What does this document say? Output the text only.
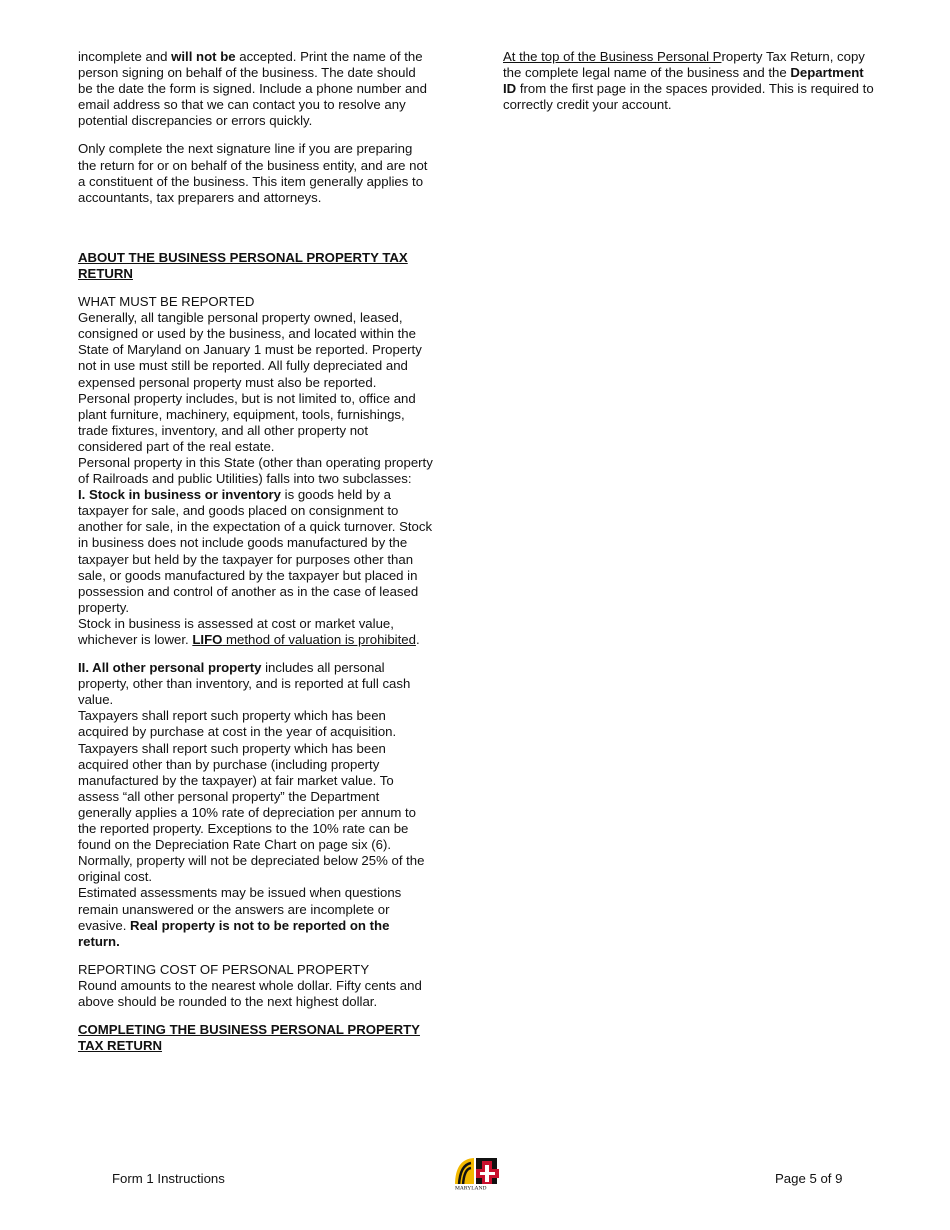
incomplete and will not be accepted. Print the name of the person signing on behalf of the business. The date should be the date the form is signed. Include a phone number and email address so that we can contact you to resolve any potential discrepancies or errors quickly.

Only complete the next signature line if you are preparing the return for or on behalf of the business entity, and are not a constituent of the business. This item generally applies to accountants, tax preparers and attorneys.

ABOUT THE BUSINESS PERSONAL PROPERTY TAX RETURN

WHAT MUST BE REPORTED

Generally, all tangible personal property owned, leased, consigned or used by the business, and located within the State of Maryland on January 1 must be reported. Property not in use must still be reported. All fully depreciated and expensed personal property must also be reported.

Personal property includes, but is not limited to, office and plant furniture, machinery, equipment, tools, furnishings, trade fixtures, inventory, and all other property not considered part of the real estate.

Personal property in this State (other than operating property of Railroads and public Utilities) falls into two subclasses:

I. Stock in business or inventory is goods held by a taxpayer for sale, and goods placed on consignment to another for sale, in the expectation of a quick turnover. Stock in business does not include goods manufactured by the taxpayer but held by the taxpayer for purposes other than sale, or goods manufactured by the taxpayer but placed in possession and control of another as in the case of leased property.

Stock in business is assessed at cost or market value, whichever is lower. LIFO method of valuation is prohibited.

II. All other personal property includes all personal property, other than inventory, and is reported at full cash value.

Taxpayers shall report such property which has been acquired by purchase at cost in the year of acquisition. Taxpayers shall report such property which has been acquired other than by purchase (including property manufactured by the taxpayer) at fair market value. To assess “all other personal property” the Department generally applies a 10% rate of depreciation per annum to the reported property. Exceptions to the 10% rate can be found on the Depreciation Rate Chart on page six (6).

Normally, property will not be depreciated below 25% of the original cost.

Estimated assessments may be issued when questions remain unanswered or the answers are incomplete or evasive. Real property is not to be reported on the return.

REPORTING COST OF PERSONAL PROPERTY

Round amounts to the nearest whole dollar. Fifty cents and above should be rounded to the next highest dollar.

COMPLETING THE BUSINESS PERSONAL PROPERTY TAX RETURN

At the top of the Business Personal Property Tax Return, copy the complete legal name of the business and the Department ID from the first page in the spaces provided. This is required to correctly credit your account.

Form 1 Instructions
MARYLAND
Page 5 of 9
